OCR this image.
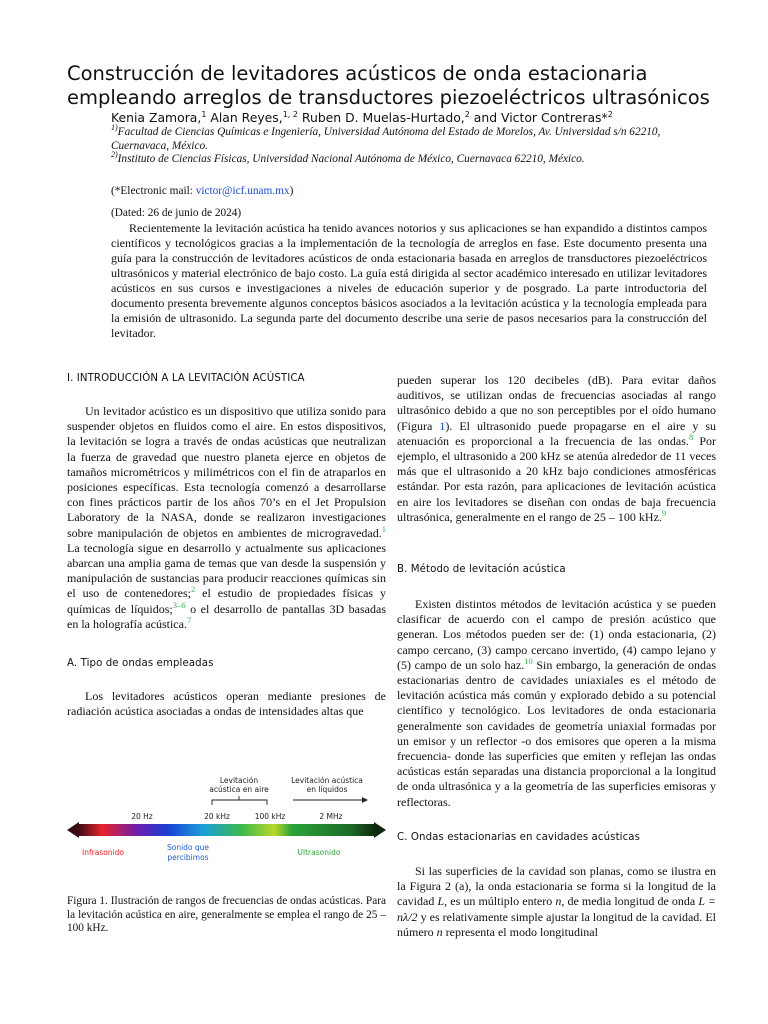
Construcción de levitadores acústicos de onda estacionaria empleando arreglos de transductores piezoeléctricos ultrasónicos
Kenia Zamora,$^1$ Alan Reyes,$^{1, 2}$ Ruben D. Muelas-Hurtado,$^2$ and Victor Contreras*$^2$
$^{1)}$Facultad de Ciencias Químicas e Ingeniería, Universidad Autónoma del Estado de Morelos, Av. Universidad s/n 62210, Cuernavaca, México.
$^{2)}$Instituto de Ciencias Físicas, Universidad Nacional Autónoma de México, Cuernavaca 62210, México.
(*Electronic mail: victor@icf.unam.mx)
(Dated: 26 de junio de 2024)

Recientemente la levitación acústica ha tenido avances notorios y sus aplicaciones se han expandido a distintos campos científicos y tecnológicos gracias a la implementación de la tecnología de arreglos en fase. Este documento presenta una guía para la construcción de levitadores acústicos de onda estacionaria basada en arreglos de transductores piezoeléctricos ultrasónicos y material electrónico de bajo costo. La guía está dirigida al sector académico interesado en utilizar levitadores acústicos en sus cursos e investigaciones a niveles de educación superior y de posgrado. La parte introductoria del documento presenta brevemente algunos conceptos básicos asociados a la levitación acústica y la tecnología empleada para la emisión de ultrasonido. La segunda parte del documento describe una serie de pasos necesarios para la construcción del levitador.

I. INTRODUCCIÓN A LA LEVITACIÓN ACÚSTICA

Un levitador acústico es un dispositivo que utiliza sonido para suspender objetos en fluidos como el aire. En estos dispositivos, la levitación se logra a través de ondas acústicas que neutralizan la fuerza de gravedad que nuestro planeta ejerce en objetos de tamaños micrométricos y milimétricos con el fin de atraparlos en posiciones específicas. Esta tecnología comenzó a desarrollarse con fines prácticos partir de los años 70’s en el Jet Propulsion Laboratory de la NASA, donde se realizaron investigaciones sobre manipulación de objetos en ambientes de microgravedad.$^1$ La tecnología sigue en desarrollo y actualmente sus aplicaciones abarcan una amplia gama de temas que van desde la suspensión y manipulación de sustancias para producir reacciones químicas sin el uso de contenedores;$^2$ el estudio de propiedades físicas y químicas de líquidos;$^{3-6}$ o el desarrollo de pantallas 3D basadas en la holografía acústica.$^7$

A. Tipo de ondas empleadas

Los levitadores acústicos operan mediante presiones de radiación acústica asociadas a ondas de intensidades altas que

Levitación
acústica en aire
Levitación acústica
en líquidos
20 Hz	20 kHz	100 kHz	2 MHz
Infrasonido
Sonido que
percibimos
Ultrasonido

Figura 1. Ilustración de rangos de frecuencias de ondas acústicas. Para la levitación acústica en aire, generalmente se emplea el rango de 25 – 100 kHz.

pueden superar los 120 decibeles (dB). Para evitar daños auditivos, se utilizan ondas de frecuencias asociadas al rango ultrasónico debido a que no son perceptibles por el oído humano (Figura 1). El ultrasonido puede propagarse en el aire y su atenuación es proporcional a la frecuencia de las ondas.$^8$ Por ejemplo, el ultrasonido a 200 kHz se atenúa alrededor de 11 veces más que el ultrasonido a 20 kHz bajo condiciones atmosféricas estándar. Por esta razón, para aplicaciones de levitación acústica en aire los levitadores se diseñan con ondas de baja frecuencia ultrasónica, generalmente en el rango de 25 – 100 kHz.$^9$

B. Método de levitación acústica

Existen distintos métodos de levitación acústica y se pueden clasificar de acuerdo con el campo de presión acústico que generan. Los métodos pueden ser de: (1) onda estacionaria, (2) campo cercano, (3) campo cercano invertido, (4) campo lejano y (5) campo de un solo haz.$^{10}$ Sin embargo, la generación de ondas estacionarias dentro de cavidades uniaxiales es el método de levitación acústica más común y explorado debido a su potencial científico y tecnológico. Los levitadores de onda estacionaria generalmente son cavidades de geometría uniaxial formadas por un emisor y un reflector -o dos emisores que operen a la misma frecuencia- donde las superficies que emiten y reflejan las ondas acústicas están separadas una distancia proporcional a la longitud de onda ultrasónica y a la geometría de las superficies emisoras y reflectoras.

C. Ondas estacionarias en cavidades acústicas

Si las superficies de la cavidad son planas, como se ilustra en la Figura 2 (a), la onda estacionaria se forma si la longitud de la cavidad L, es un múltiplo entero n, de media longitud de onda L = nλ/2 y es relativamente simple ajustar la longitud de la cavidad. El número n representa el modo longitudinal
